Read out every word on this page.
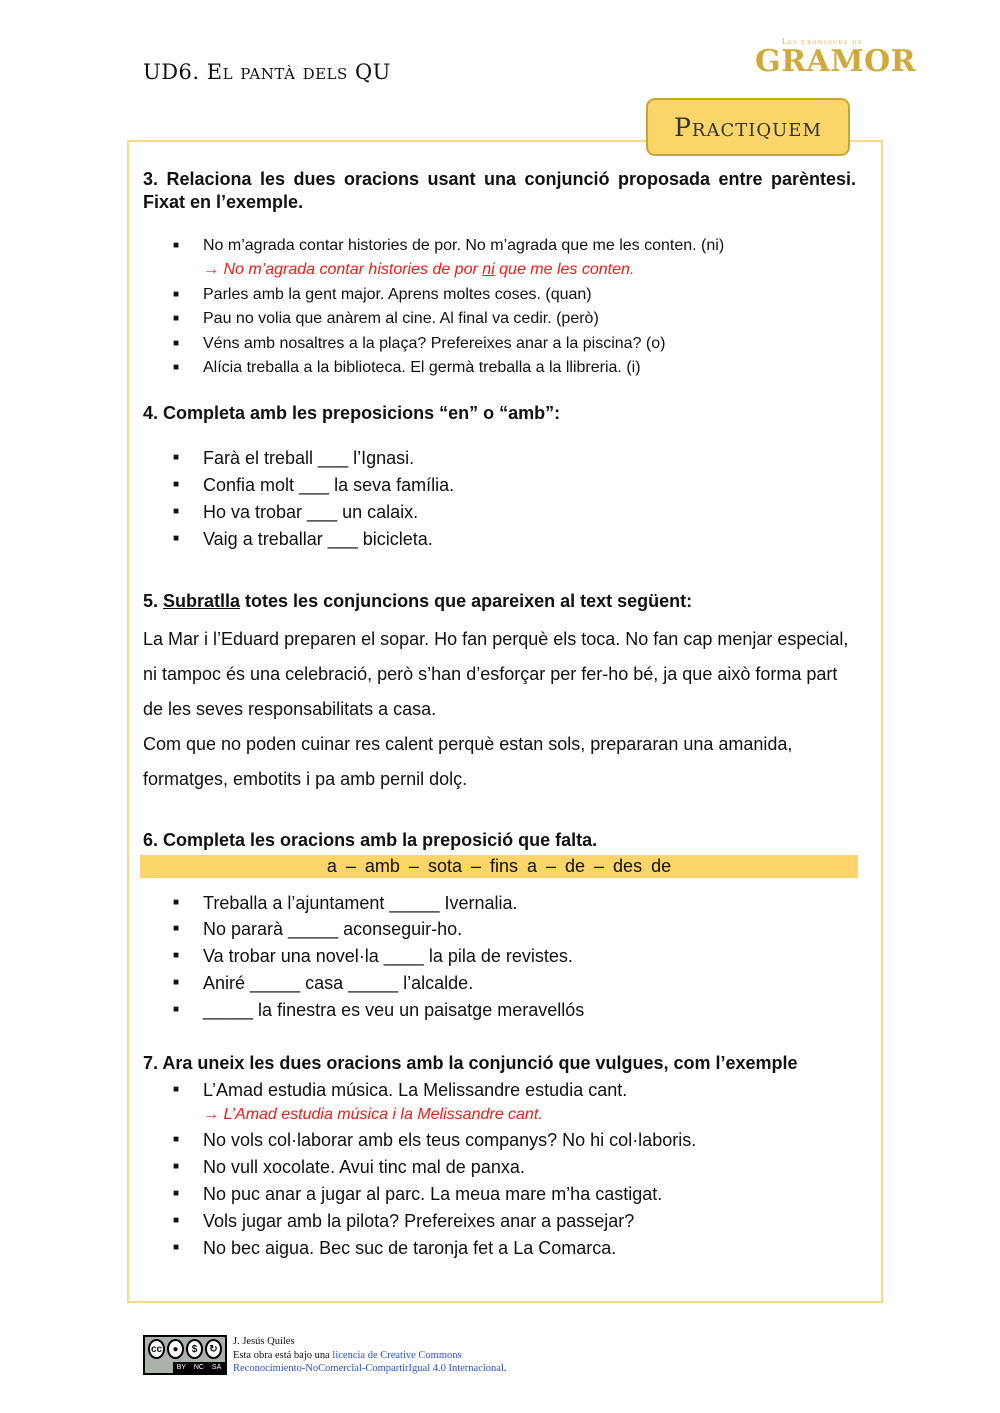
UD6. El pantà dels QU
Les cròniques de
GRAMOR
Practiquem

3. Relaciona les dues oracions usant una conjunció proposada entre parèntesi. Fixat en l’exemple.

■ No m’agrada contar histories de por. No m’agrada que me les conten. (ni)
→ No m’agrada contar histories de por ni que me les conten.
■ Parles amb la gent major. Aprens moltes coses. (quan)
■ Pau no volia que anàrem al cine. Al final va cedir. (però)
■ Véns amb nosaltres a la plaça? Prefereixes anar a la piscina? (o)
■ Alícia treballa a la biblioteca. El germà treballa a la llibreria. (i)

4. Completa amb les preposicions “en” o “amb”:

■ Farà el treball ___ l’Ignasi.
■ Confia molt ___ la seva família.
■ Ho va trobar ___ un calaix.
■ Vaig a treballar ___ bicicleta.

5. Subratlla totes les conjuncions que apareixen al text següent:

La Mar i l’Eduard preparen el sopar. Ho fan perquè els toca. No fan cap menjar especial, ni tampoc és una celebració, però s’han d’esforçar per fer-ho bé, ja que això forma part de les seves responsabilitats a casa.

Com que no poden cuinar res calent perquè estan sols, prepararan una amanida, formatges, embotits i pa amb pernil dolç.

6. Completa les oracions amb la preposició que falta.

a – amb – sota – fins a – de – des de
■ Treballa a l’ajuntament _____ Ivernalia.
■ No pararà _____ aconseguir-ho.
■ Va trobar una novel·la ____ la pila de revistes.
■ Aniré _____ casa _____ l’alcalde.
■ _____ la finestra es veu un paisatge meravellós

7. Ara uneix les dues oracions amb la conjunció que vulgues, com l’exemple

■ L’Amad estudia música. La Melissandre estudia cant.
→ L’Amad estudia música i la Melissandre cant.
■ No vols col·laborar amb els teus companys? No hi col·laboris.
■ No vull xocolate. Avui tinc mal de panxa.
■ No puc anar a jugar al parc. La meua mare m’ha castigat.
■ Vols jugar amb la pilota? Prefereixes anar a passejar?
■ No bec aigua. Bec suc de taronja fet a La Comarca.
cc	●	$	↻
BY NC SA
J. Jesús Quiles
Esta obra está bajo una licencia de Creative Commons
Reconocimiento-NoComercial-CompartirIgual 4.0 Internacional.
